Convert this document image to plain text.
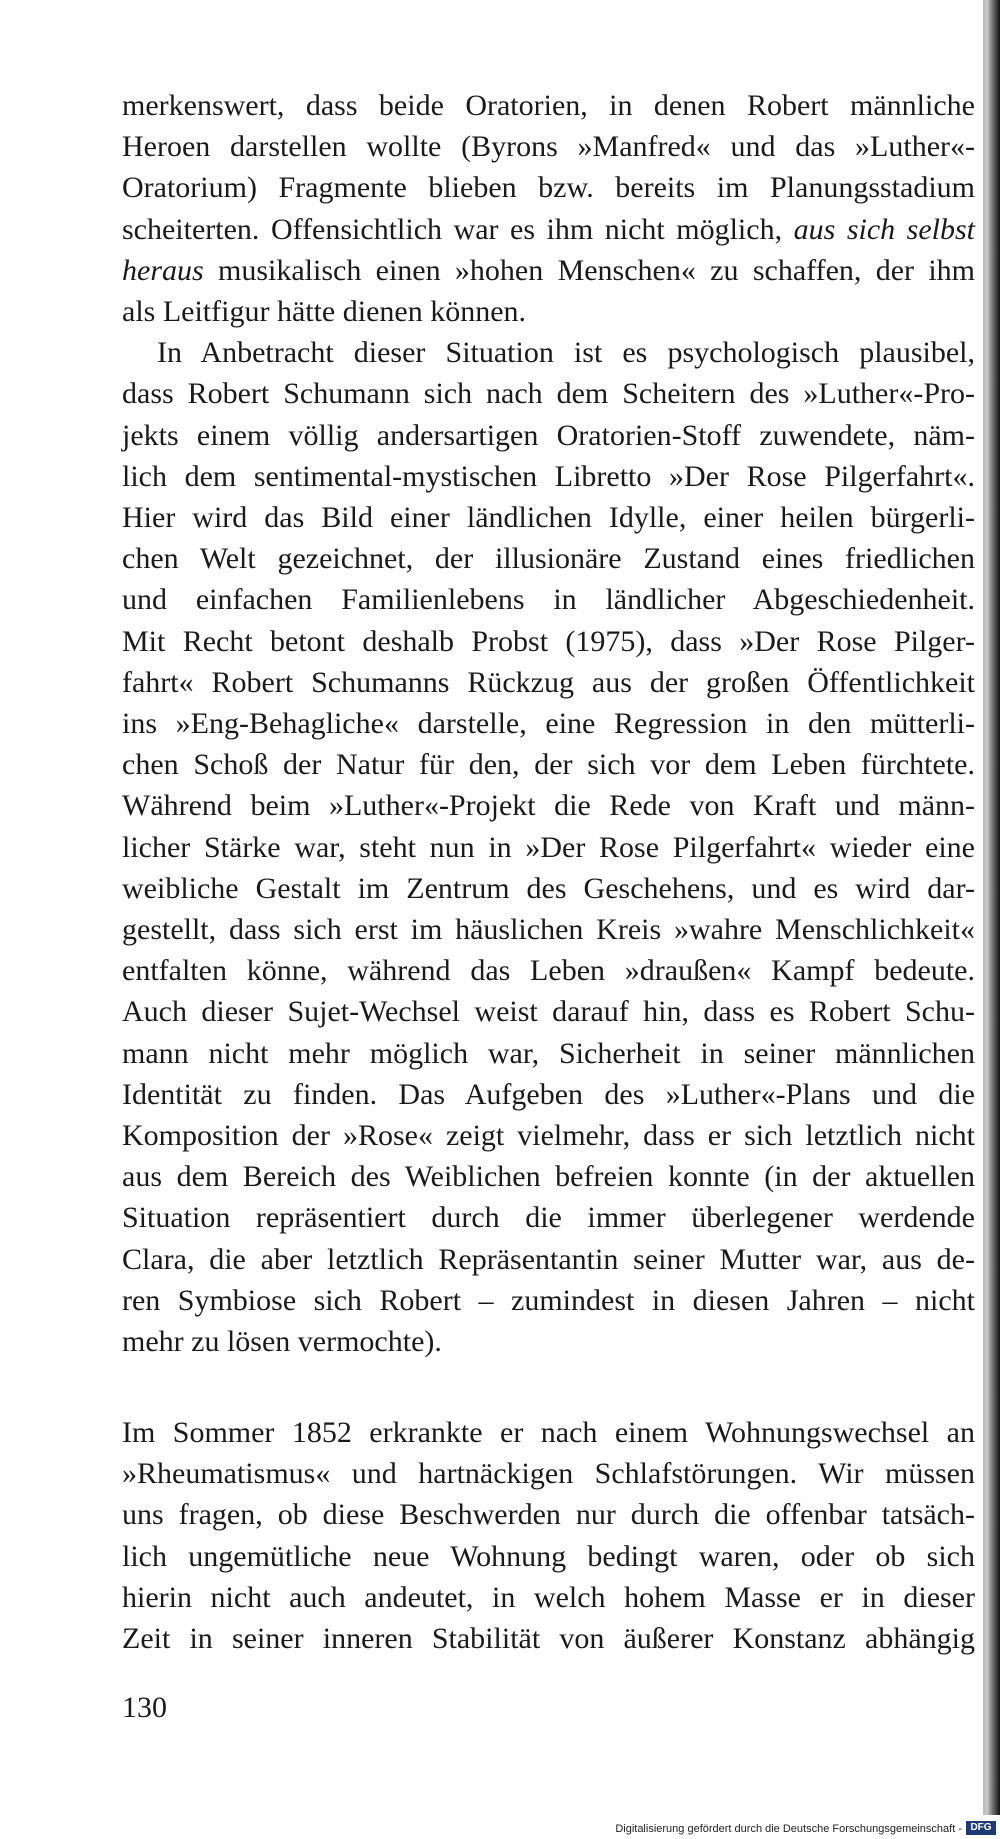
merkenswert, dass beide Oratorien, in denen Robert männliche
Heroen darstellen wollte (Byrons »Manfred« und das »Luther«-
Oratorium) Fragmente blieben bzw. bereits im Planungsstadium
scheiterten. Offensichtlich war es ihm nicht möglich, aus sich selbst
heraus musikalisch einen »hohen Menschen« zu schaffen, der ihm
als Leitfigur hätte dienen können.
In Anbetracht dieser Situation ist es psychologisch plausibel,
dass Robert Schumann sich nach dem Scheitern des »Luther«-Pro-
jekts einem völlig andersartigen Oratorien-Stoff zuwendete, näm-
lich dem sentimental-mystischen Libretto »Der Rose Pilgerfahrt«.
Hier wird das Bild einer ländlichen Idylle, einer heilen bürgerli-
chen Welt gezeichnet, der illusionäre Zustand eines friedlichen
und einfachen Familienlebens in ländlicher Abgeschiedenheit.
Mit Recht betont deshalb Probst (1975), dass »Der Rose Pilger-
fahrt« Robert Schumanns Rückzug aus der großen Öffentlichkeit
ins »Eng-Behagliche« darstelle, eine Regression in den mütterli-
chen Schoß der Natur für den, der sich vor dem Leben fürchtete.
Während beim »Luther«-Projekt die Rede von Kraft und männ-
licher Stärke war, steht nun in »Der Rose Pilgerfahrt« wieder eine
weibliche Gestalt im Zentrum des Geschehens, und es wird dar-
gestellt, dass sich erst im häuslichen Kreis »wahre Menschlichkeit«
entfalten könne, während das Leben »draußen« Kampf bedeute.
Auch dieser Sujet-Wechsel weist darauf hin, dass es Robert Schu-
mann nicht mehr möglich war, Sicherheit in seiner männlichen
Identität zu finden. Das Aufgeben des »Luther«-Plans und die
Komposition der »Rose« zeigt vielmehr, dass er sich letztlich nicht
aus dem Bereich des Weiblichen befreien konnte (in der aktuellen
Situation repräsentiert durch die immer überlegener werdende
Clara, die aber letztlich Repräsentantin seiner Mutter war, aus de-
ren Symbiose sich Robert – zumindest in diesen Jahren – nicht
mehr zu lösen vermochte).
Im Sommer 1852 erkrankte er nach einem Wohnungswechsel an
»Rheumatismus« und hartnäckigen Schlafstörungen. Wir müssen
uns fragen, ob diese Beschwerden nur durch die offenbar tatsäch-
lich ungemütliche neue Wohnung bedingt waren, oder ob sich
hierin nicht auch andeutet, in welch hohem Masse er in dieser
Zeit in seiner inneren Stabilität von äußerer Konstanz abhängig
130
Digitalisierung gefördert durch die Deutsche Forschungsgemeinschaft - DFG
